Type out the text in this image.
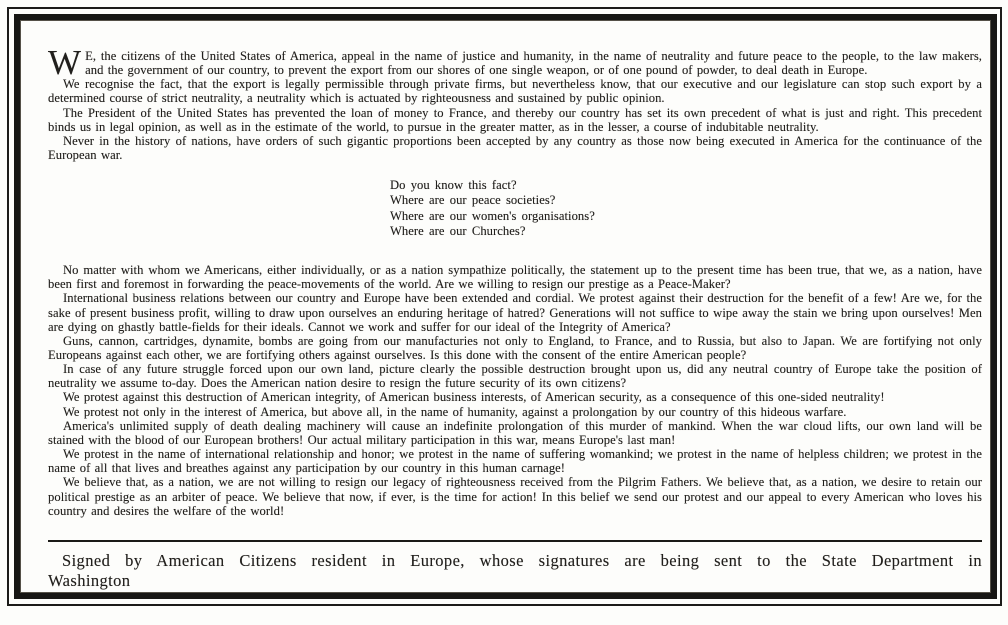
W E, the citizens of the United States of America, appeal in the name of justice and humanity, in the name of neutrality and future peace to the people, to the law makers, and the government of our country, to prevent the export from our shores of one single weapon, or of one pound of powder, to deal death in Europe.

We recognise the fact, that the export is legally permissible through private firms, but nevertheless know, that our executive and our legislature can stop such export by a determined course of strict neutrality, a neutrality which is actuated by righteousness and sustained by public opinion.

The President of the United States has prevented the loan of money to France, and thereby our country has set its own precedent of what is just and right. This precedent binds us in legal opinion, as well as in the estimate of the world, to pursue in the greater matter, as in the lesser, a course of indubitable neutrality.

Never in the history of nations, have orders of such gigantic proportions been accepted by any country as those now being executed in America for the continuance of the European war.

Do you know this fact?
Where are our peace societies?
Where are our women's organisations?
Where are our Churches?

No matter with whom we Americans, either individually, or as a nation sympathize politically, the statement up to the present time has been true, that we, as a nation, have been first and foremost in forwarding the peace-movements of the world. Are we willing to resign our prestige as a Peace-Maker?

International business relations between our country and Europe have been extended and cordial. We protest against their destruction for the benefit of a few! Are we, for the sake of present business profit, willing to draw upon ourselves an enduring heritage of hatred? Generations will not suffice to wipe away the stain we bring upon ourselves! Men are dying on ghastly battle-fields for their ideals. Cannot we work and suffer for our ideal of the Integrity of America?

Guns, cannon, cartridges, dynamite, bombs are going from our manufacturies not only to England, to France, and to Russia, but also to Japan. We are fortifying not only Europeans against each other, we are fortifying others against ourselves. Is this done with the consent of the entire American people?

In case of any future struggle forced upon our own land, picture clearly the possible destruction brought upon us, did any neutral country of Europe take the position of neutrality we assume to-day. Does the American nation desire to resign the future security of its own citizens?

We protest against this destruction of American integrity, of American business interests, of American security, as a consequence of this one-sided neutrality!

We protest not only in the interest of America, but above all, in the name of humanity, against a prolongation by our country of this hideous warfare.

America's unlimited supply of death dealing machinery will cause an indefinite prolongation of this murder of mankind. When the war cloud lifts, our own land will be stained with the blood of our European brothers! Our actual military participation in this war, means Europe's last man!

We protest in the name of international relationship and honor; we protest in the name of suffering womankind; we protest in the name of helpless children; we protest in the name of all that lives and breathes against any participation by our country in this human carnage!

We believe that, as a nation, we are not willing to resign our legacy of righteousness received from the Pilgrim Fathers. We believe that, as a nation, we desire to retain our political prestige as an arbiter of peace. We believe that now, if ever, is the time for action! In this belief we send our protest and our appeal to every American who loves his country and desires the welfare of the world!

Signed by American Citizens resident in Europe, whose signatures are being sent to the State Department in Washington
